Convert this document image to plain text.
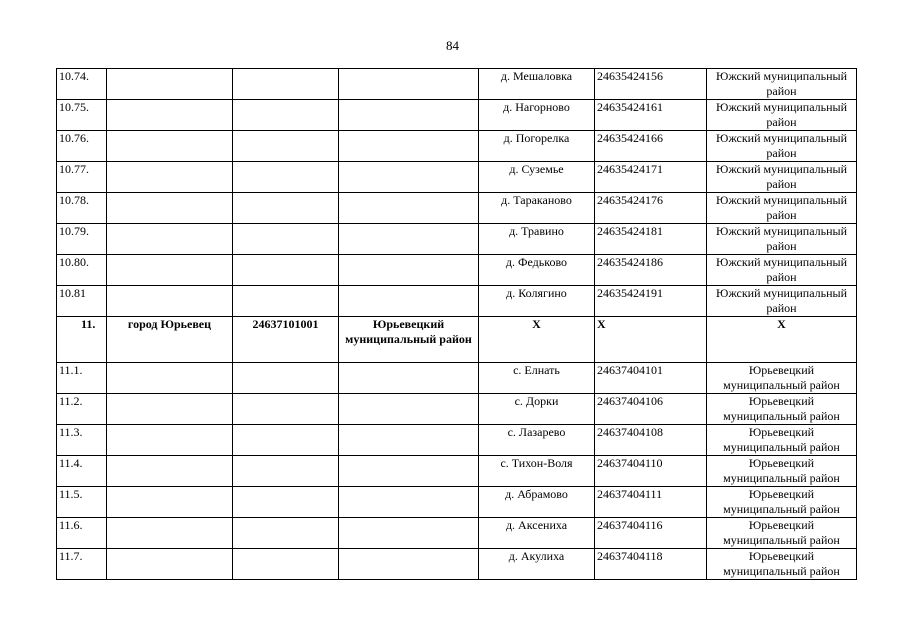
84
10.74.				д. Мешаловка	24635424156	Южский муниципальный район
10.75.				д. Нагорново	24635424161	Южский муниципальный район
10.76.				д. Погорелка	24635424166	Южский муниципальный район
10.77.				д. Суземье	24635424171	Южский муниципальный район
10.78.				д. Тараканово	24635424176	Южский муниципальный район
10.79.				д. Травино	24635424181	Южский муниципальный район
10.80.				д. Федьково	24635424186	Южский муниципальный район
10.81				д. Колягино	24635424191	Южский муниципальный район
11.	город Юрьевец	24637101001	Юрьевецкий муниципальный район	Х	Х	Х
11.1.				с. Елнать	24637404101	Юрьевецкий муниципальный район
11.2.				с. Дорки	24637404106	Юрьевецкий муниципальный район
11.3.				с. Лазарево	24637404108	Юрьевецкий муниципальный район
11.4.				с. Тихон-Воля	24637404110	Юрьевецкий муниципальный район
11.5.				д. Абрамово	24637404111	Юрьевецкий муниципальный район
11.6.				д. Аксениха	24637404116	Юрьевецкий муниципальный район
11.7.				д. Акулиха	24637404118	Юрьевецкий муниципальный район
